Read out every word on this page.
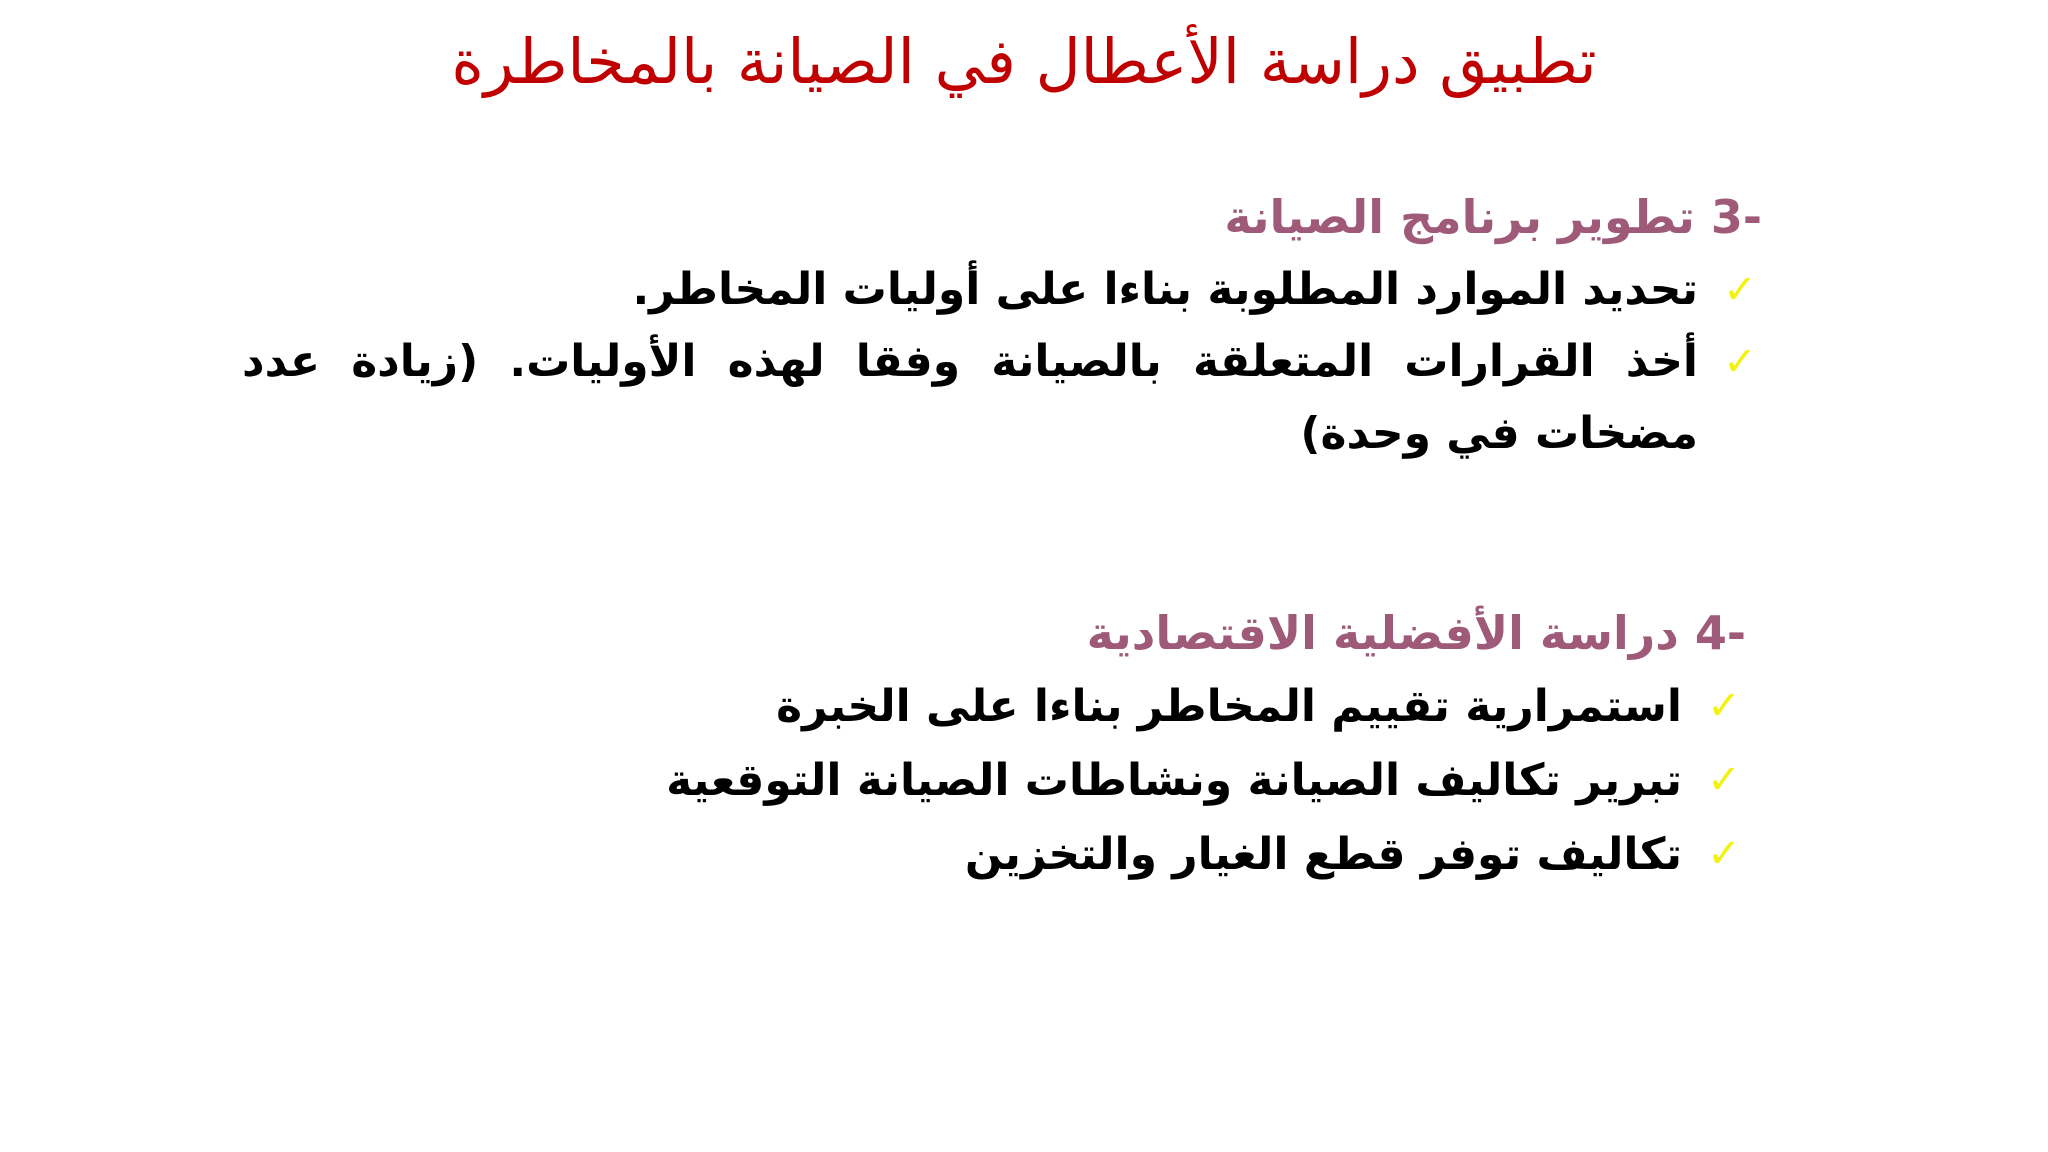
تطبيق دراسة الأعطال في الصيانة بالمخاطرة
3- تطوير برنامج الصيانة
✓
تحديد الموارد المطلوبة بناءا على أوليات المخاطر.
✓
أخذ القرارات المتعلقة بالصيانة وفقا لهذه الأوليات. (زيادة عدد مضخات في وحدة)
4- دراسة الأفضلية الاقتصادية
✓
استمرارية تقييم المخاطر بناءا على الخبرة
✓
تبرير تكاليف الصيانة ونشاطات الصيانة التوقعية
✓
تكاليف توفر قطع الغيار والتخزين
